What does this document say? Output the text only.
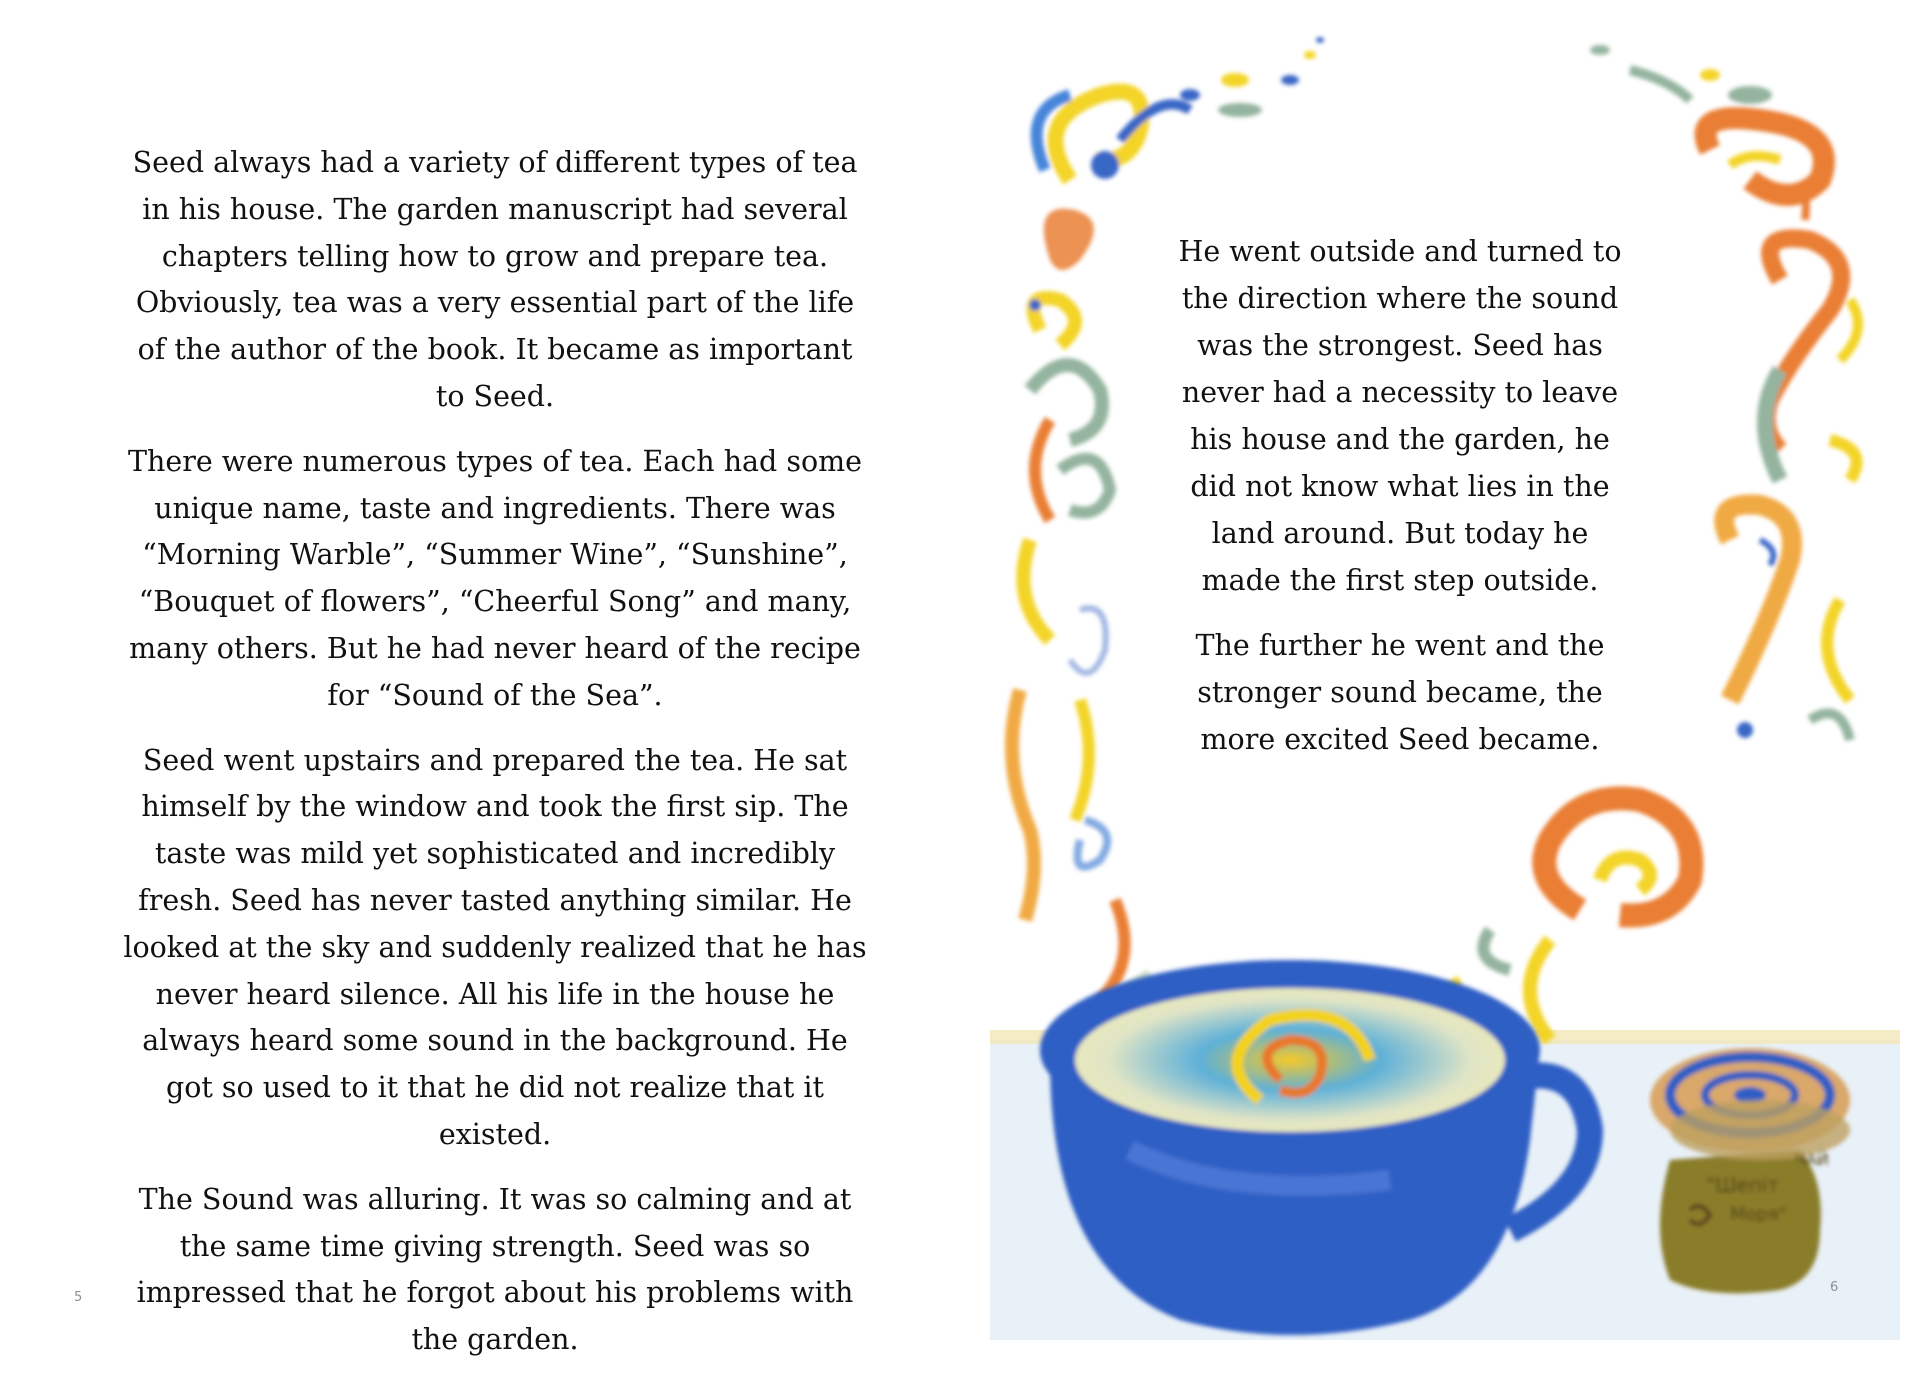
Seed always had a variety of different types of tea in his house. The garden manuscript had several chapters telling how to grow and prepare tea. Obviously, tea was a very essential part of the life of the author of the book. It became as important to Seed.

There were numerous types of tea. Each had some unique name, taste and ingredients. There was “Morning Warble”, “Summer Wine”, “Sunshine”, “Bouquet of flowers”, “Cheerful Song” and many, many others. But he had never heard of the recipe for “Sound of the Sea”.

Seed went upstairs and prepared the tea. He sat himself by the window and took the first sip. The taste was mild yet sophisticated and incredibly fresh. Seed has never tasted anything similar. He looked at the sky and suddenly realized that he has never heard silence. All his life in the house he always heard some sound in the background. He got so used to it that he did not realize that it existed.

The Sound was alluring. It was so calming and at the same time giving strength. Seed was so impressed that he forgot about his problems with the garden.

5
ЧАЙ
"Шепіт
Моря"
6

He went outside and turned to the direction where the sound was the strongest. Seed has never had a necessity to leave his house and the garden, he did not know what lies in the land around. But today he made the first step outside.

The further he went and the stronger sound became, the more excited Seed became.
